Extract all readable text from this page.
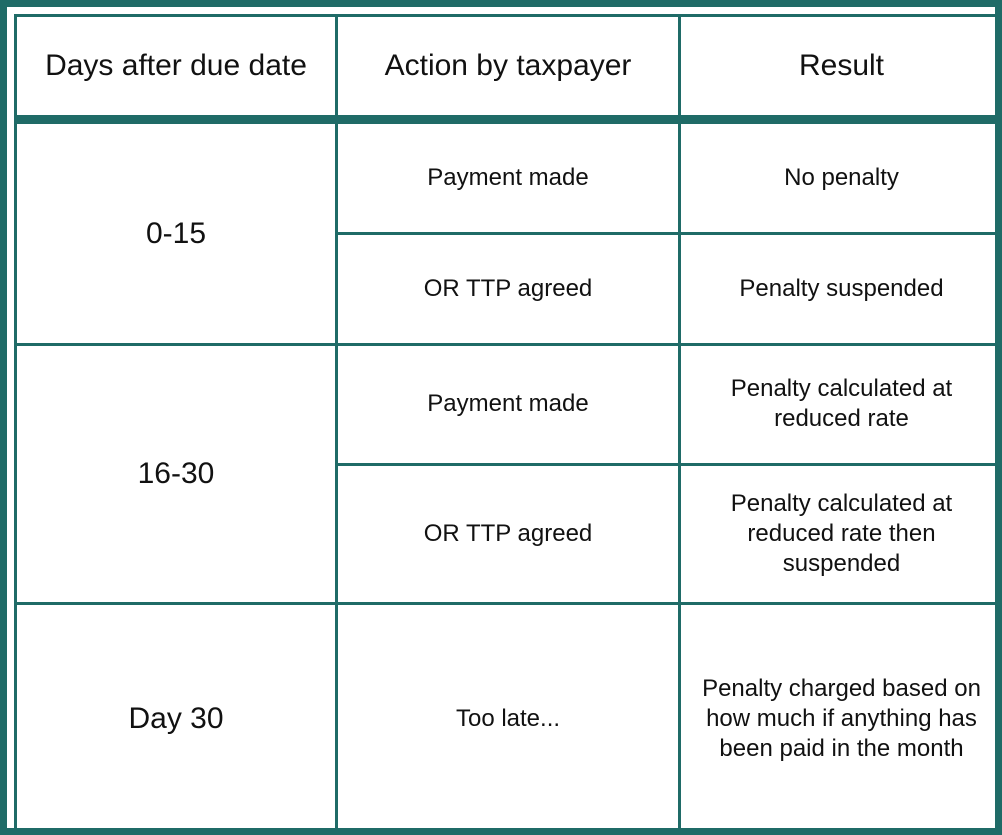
Days after due date	Action by taxpayer	Result
0-15	Payment made	No penalty
	OR TTP agreed	Penalty suspended
16-30	Payment made	Penalty calculated at reduced rate
	OR TTP agreed	Penalty calculated at reduced rate then suspended
Day 30	Too late...	Penalty charged based on how much if anything has been paid in the month
